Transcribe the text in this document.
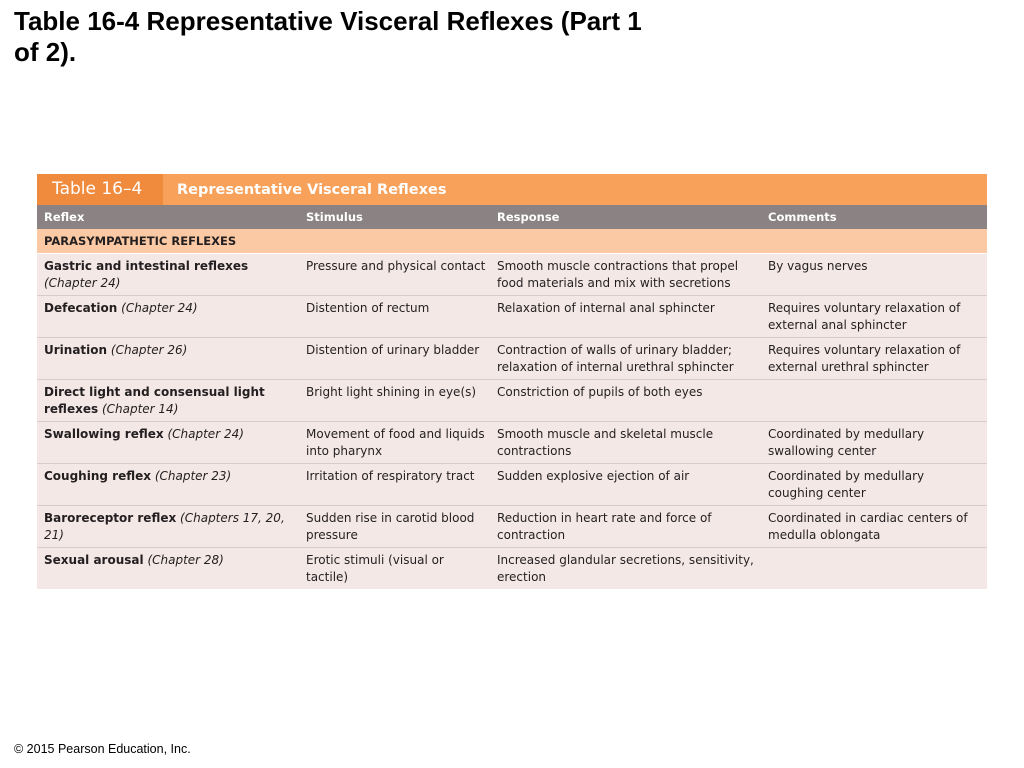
Table 16-4 Representative Visceral Reflexes (Part 1 of 2).
Table 16–4	Representative Visceral Reflexes
Reflex	Stimulus	Response	Comments
PARASYMPATHETIC REFLEXES			
Gastric and intestinal reflexes (Chapter 24)	Pressure and physical contact	Smooth muscle contractions that propel food materials and mix with secretions	By vagus nerves
Defecation (Chapter 24)	Distention of rectum	Relaxation of internal anal sphincter	Requires voluntary relaxation of external anal sphincter
Urination (Chapter 26)	Distention of urinary bladder	Contraction of walls of urinary bladder; relaxation of internal urethral sphincter	Requires voluntary relaxation of external urethral sphincter
Direct light and consensual light reflexes (Chapter 14)	Bright light shining in eye(s)	Constriction of pupils of both eyes	
Swallowing reflex (Chapter 24)	Movement of food and liquids into pharynx	Smooth muscle and skeletal muscle contractions	Coordinated by medullary swallowing center
Coughing reflex (Chapter 23)	Irritation of respiratory tract	Sudden explosive ejection of air	Coordinated by medullary coughing center
Baroreceptor reflex (Chapters 17, 20, 21)	Sudden rise in carotid blood pressure	Reduction in heart rate and force of contraction	Coordinated in cardiac centers of medulla oblongata
Sexual arousal (Chapter 28)	Erotic stimuli (visual or tactile)	Increased glandular secretions, sensitivity, erection	
© 2015 Pearson Education, Inc.
